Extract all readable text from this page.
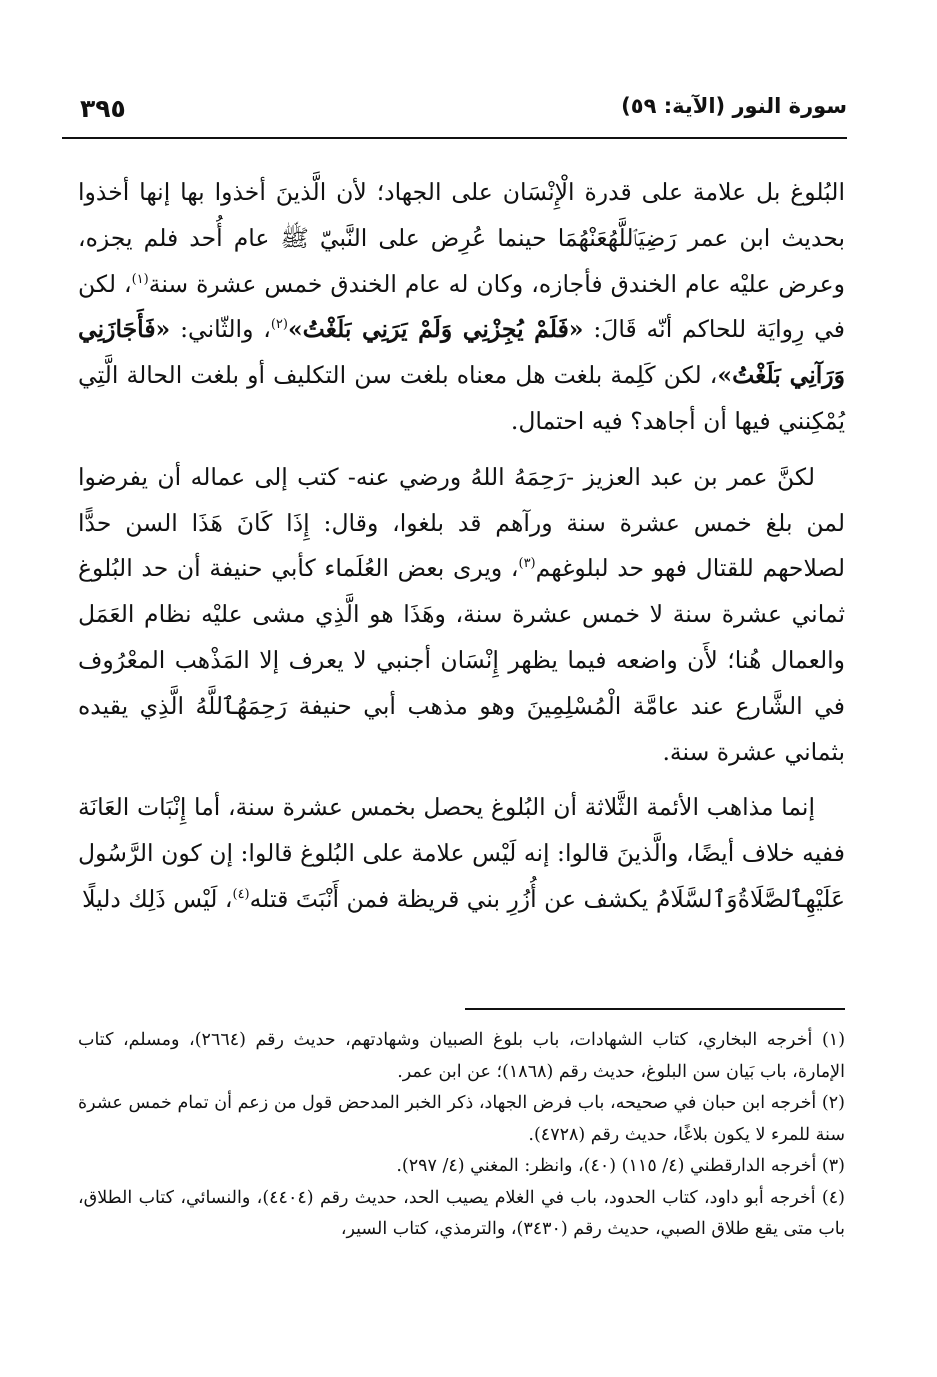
٣٩٥	سورة النور (الآية: ٥٩)

البُلوغ بل علامة على قدرة الْإِنْسَان على الجهاد؛ لأن الَّذينَ أخذوا بها إنها أخذوا بحديث ابن عمر رَضِيَٱللَّهُعَنْهُمَا حينما عُرِض على النَّبيّ ﷺ عام أُحد فلم يجزه، وعرض عليْه عام الخندق فأجازه، وكان له عام الخندق خمس عشرة سنة$^{(١)}$، لكن في رِوايَة للحاكم أنّه قَالَ: «فَلَمْ يُجِزْنِي وَلَمْ يَرَنِي بَلَغْتُ»$^{(٢)}$، والثّاني: «فَأَجَازَنِي وَرَآنِي بَلَغْتُ»، لكن كَلِمة بلغت هل معناه بلغت سن التكليف أو بلغت الحالة الَّتِي يُمْكِنني فيها أن أجاهد؟ فيه احتمال.

لكنَّ عمر بن عبد العزيز -رَحِمَهُ اللهُ ورضي عنه- كتب إلى عماله أن يفرضوا لمن بلغ خمس عشرة سنة ورآهم قد بلغوا، وقال: إِذَا كَانَ هَذَا السن حدًّا لصلاحهم للقتال فهو حد لبلوغهم$^{(٣)}$، ويرى بعض العُلَماء كأبي حنيفة أن حد البُلوغ ثماني عشرة سنة لا خمس عشرة سنة، وهَذَا هو الَّذِي مشى عليْه نظام العَمَل والعمال هُنا؛ لأَن واضعه فيما يظهر إِنْسَان أجنبي لا يعرف إلا المَذْهب المعْرُوف في الشَّارع عند عامَّة الْمُسْلِمِينَ وهو مذهب أبي حنيفة رَحِمَهُٱللَّهُ الَّذِي يقيده بثماني عشرة سنة.

إنما مذاهب الأئمة الثَّلاثة أن البُلوغ يحصل بخمس عشرة سنة، أما إِنْبَات العَانَة ففيه خلاف أيضًا، والَّذينَ قالوا: إنه لَيْس علامة على البُلوغ قالوا: إن كون الرَّسُول عَلَيْهِٱلصَّلَاةُوَٱلسَّلَامُ يكشف عن أُزُرِ بني قريظة فمن أَنْبَتَ قتله$^{(٤)}$، لَيْس ذَلِك دليلًا

(١) أخرجه البخاري، كتاب الشهادات، باب بلوغ الصبيان وشهادتهم، حديث رقم (٢٦٦٤)، ومسلم، كتاب الإمارة، باب بَيان سن البلوغ، حديث رقم (١٨٦٨)؛ عن ابن عمر.

(٢) أخرجه ابن حبان في صحيحه، باب فرض الجهاد، ذكر الخبر المدحض قول من زعم أن تمام خمس عشرة سنة للمرء لا يكون بلاغًا، حديث رقم (٤٧٢٨).

(٣) أخرجه الدارقطني (٤/ ١١٥) (٤٠)، وانظر: المغني (٤/ ٢٩٧).

(٤) أخرجه أبو داود، كتاب الحدود، باب في الغلام يصيب الحد، حديث رقم (٤٤٠٤)، والنسائي، كتاب الطلاق، باب متى يقع طلاق الصبي، حديث رقم (٣٤٣٠)، والترمذي، كتاب السير،
